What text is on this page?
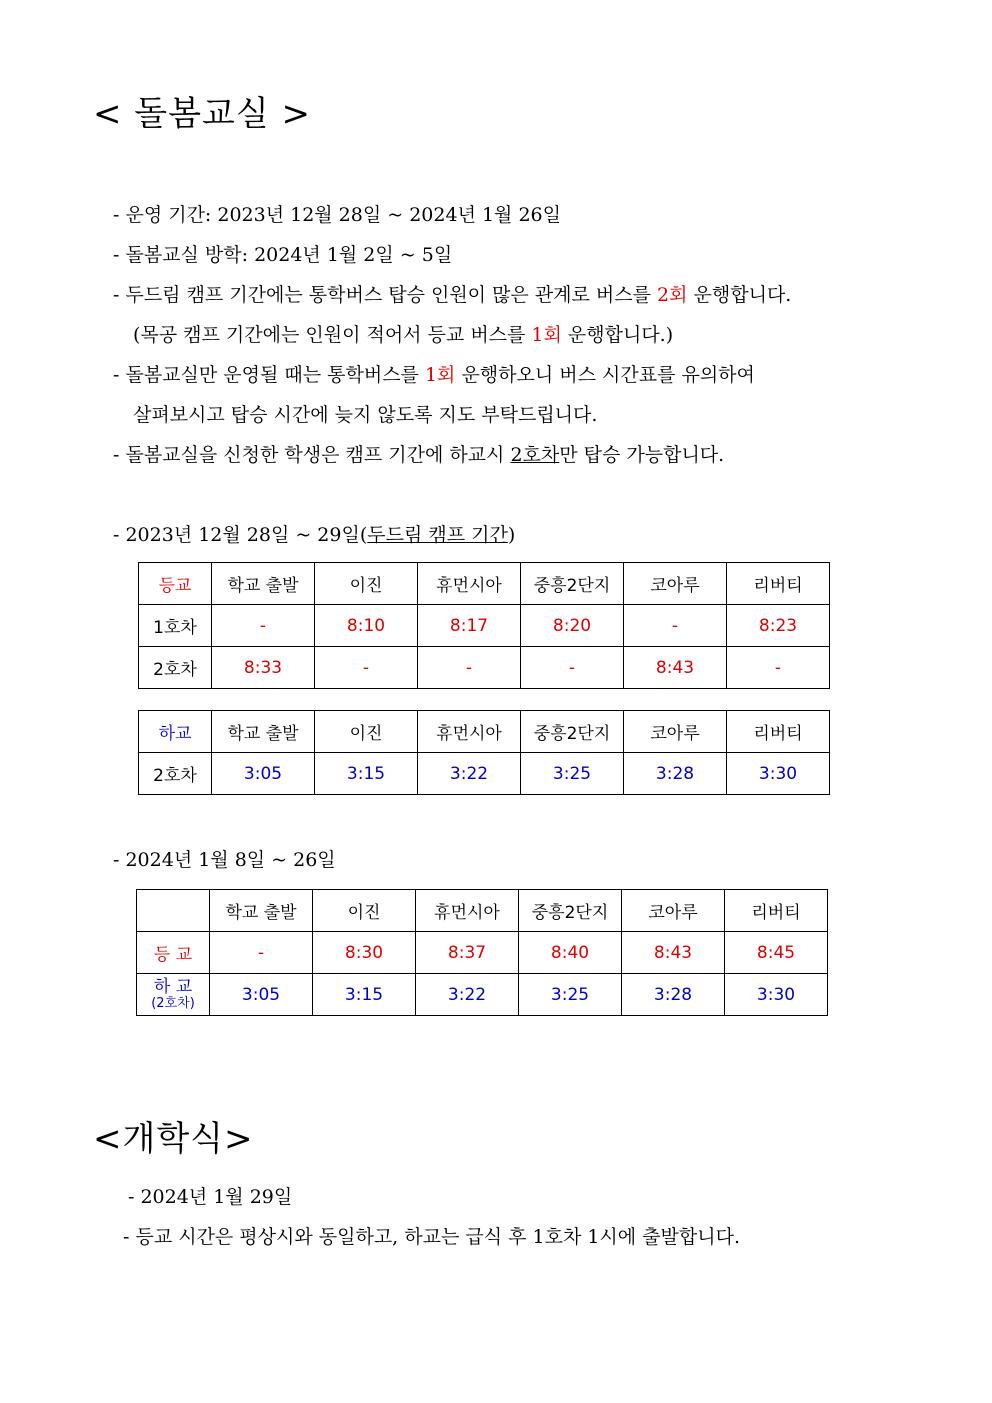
< 돌봄교실 >
- 운영 기간: 2023년 12월 28일 ~ 2024년 1월 26일
- 돌봄교실 방학: 2024년 1월 2일 ~ 5일
- 두드림 캠프 기간에는 통학버스 탑승 인원이 많은 관계로 버스를 2회 운행합니다.
(목공 캠프 기간에는 인원이 적어서 등교 버스를 1회 운행합니다.)
- 돌봄교실만 운영될 때는 통학버스를 1회 운행하오니 버스 시간표를 유의하여
살펴보시고 탑승 시간에 늦지 않도록 지도 부탁드립니다.
- 돌봄교실을 신청한 학생은 캠프 기간에 하교시 2호차만 탑승 가능합니다.
- 2023년 12월 28일 ~ 29일(두드림 캠프 기간)
등교	학교 출발	이진	휴먼시아	중흥2단지	코아루	리버티
1호차	-	8:10	8:17	8:20	-	8:23
2호차	8:33	-	-	-	8:43	-
하교	학교 출발	이진	휴먼시아	중흥2단지	코아루	리버티
2호차	3:05	3:15	3:22	3:25	3:28	3:30
- 2024년 1월 8일 ~ 26일
	학교 출발	이진	휴먼시아	중흥2단지	코아루	리버티
등 교	-	8:30	8:37	8:40	8:43	8:45

하 교
(2호차)	3:05	3:15	3:22	3:25	3:28	3:30
<개학식>
- 2024년 1월 29일
- 등교 시간은 평상시와 동일하고, 하교는 급식 후 1호차 1시에 출발합니다.
